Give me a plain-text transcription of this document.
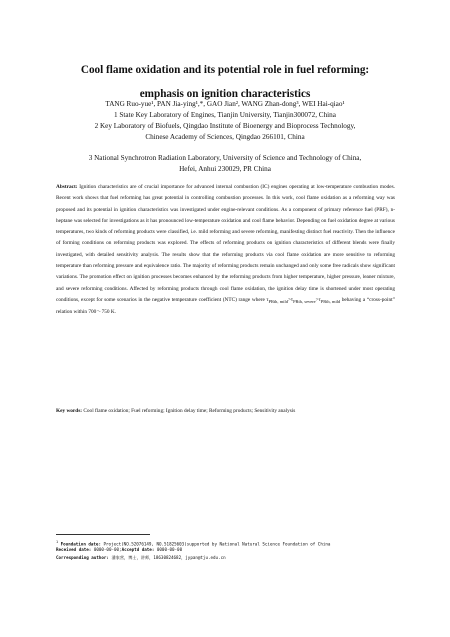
Cool flame oxidation and its potential role in fuel reforming:
emphasis on ignition characteristics
TANG Ruo-yue¹, PAN Jia-ying¹,*, GAO Jian², WANG Zhan-dong³, WEI Hai-qiao¹
1 State Key Laboratory of Engines, Tianjin University, Tianjin300072, China
2 Key Laboratory of Biofuels, Qingdao Institute of Bioenergy and Bioprocess Technology,
Chinese Academy of Sciences, Qingdao 266101, China
3 National Synchrotron Radiation Laboratory, University of Science and Technology of China,
Hefei, Anhui 230029, PR China
Abstract: Ignition characteristics are of crucial importance for advanced internal combustion (IC) engines operating at low-temperature combustion modes. Recent work shows that fuel reforming has great potential in controlling combustion processes. In this work, cool flame oxidation as a reforming way was proposed and its potential in ignition characteristics was investigated under engine-relevant conditions. As a component of primary reference fuel (PRF), n-heptane was selected for investigations as it has pronounced low-temperature oxidation and cool flame behavior. Depending on fuel oxidation degree at various temperatures, two kinds of reforming products were classified, i.e. mild reforming and severe reforming, manifesting distinct fuel reactivity. Then the influence of forming conditions on reforming products was explored. The effects of reforming products on ignition characteristics of different blends were finally investigated, with detailed sensitivity analysis. The results show that the reforming products via cool flame oxidation are more sensitive to reforming temperature than reforming pressure and equivalence ratio. The majority of reforming products remain unchanged and only some free radicals show significant variations. The promotion effect on ignition processes becomes enhanced by the reforming products from higher temperature, higher pressure, leaner mixture, and severe reforming conditions. Affected by reforming products through cool flame oxidation, the ignition delay time is shortened under most operating conditions, except for some scenarios in the negative temperature coefficient (NTC) range where $\tau_{PRth, mild}>\tau_{PRth, severe}>\tau_{PRth, mild}$ behaving a “cross-point” relation within 700～750 K.
Key words: Cool flame oxidation; Fuel reforming; Ignition delay time; Reforming products; Sensitivity analysis
$^1$ Foundation date: Project(NO.52076149, NO.51825603)supported by National Natural Science Foundation of China
Received date: 0000-00-00;Acceptd date: 0000-00-00
Corresponding author: 潘家营，博士，讲师，18630824682，jypan@tju.edu.cn
